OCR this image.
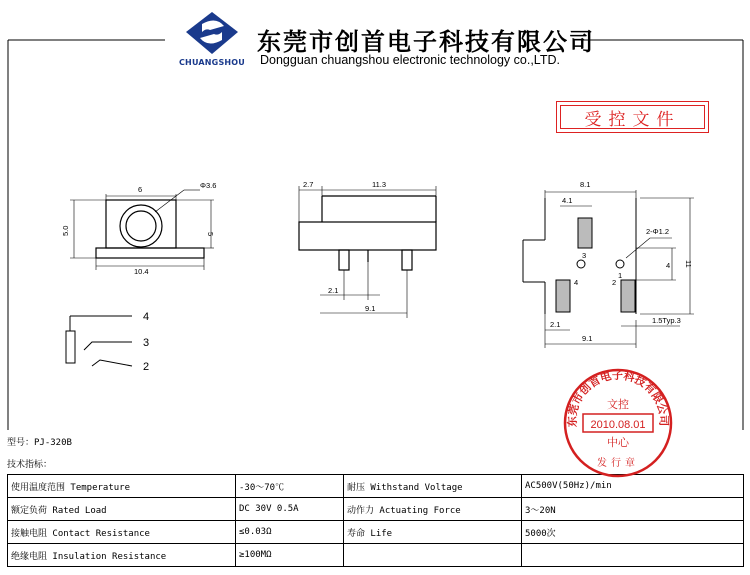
CHUANGSHOU
东莞市创首电子科技有限公司
Dongguan chuangshou electronic technology co.,LTD.
受控文件
6	Φ3.6
5.0	5
10.4
2.7	11.3
2.1
9.1
8.1
4.1
2-Φ1.2
4 11
2.1	1.5Typ.3
9.1
3
2
4
1
4
3
2
型号：PJ-320B
技术指标：
使用温度范围 Temperature	-30～70℃	耐压 Withstand Voltage	AC500V(50Hz)/min
额定负荷 Rated Load	DC 30V 0.5A	动作力 Actuating Force	3～20N
接触电阻 Contact Resistance	≤0.03Ω	寿命 Life	5000次
绝缘电阻 Insulation Resistance	≥100MΩ		
东莞市创首电子科技有限公司
文控
2010.08.01
中心
发行章
